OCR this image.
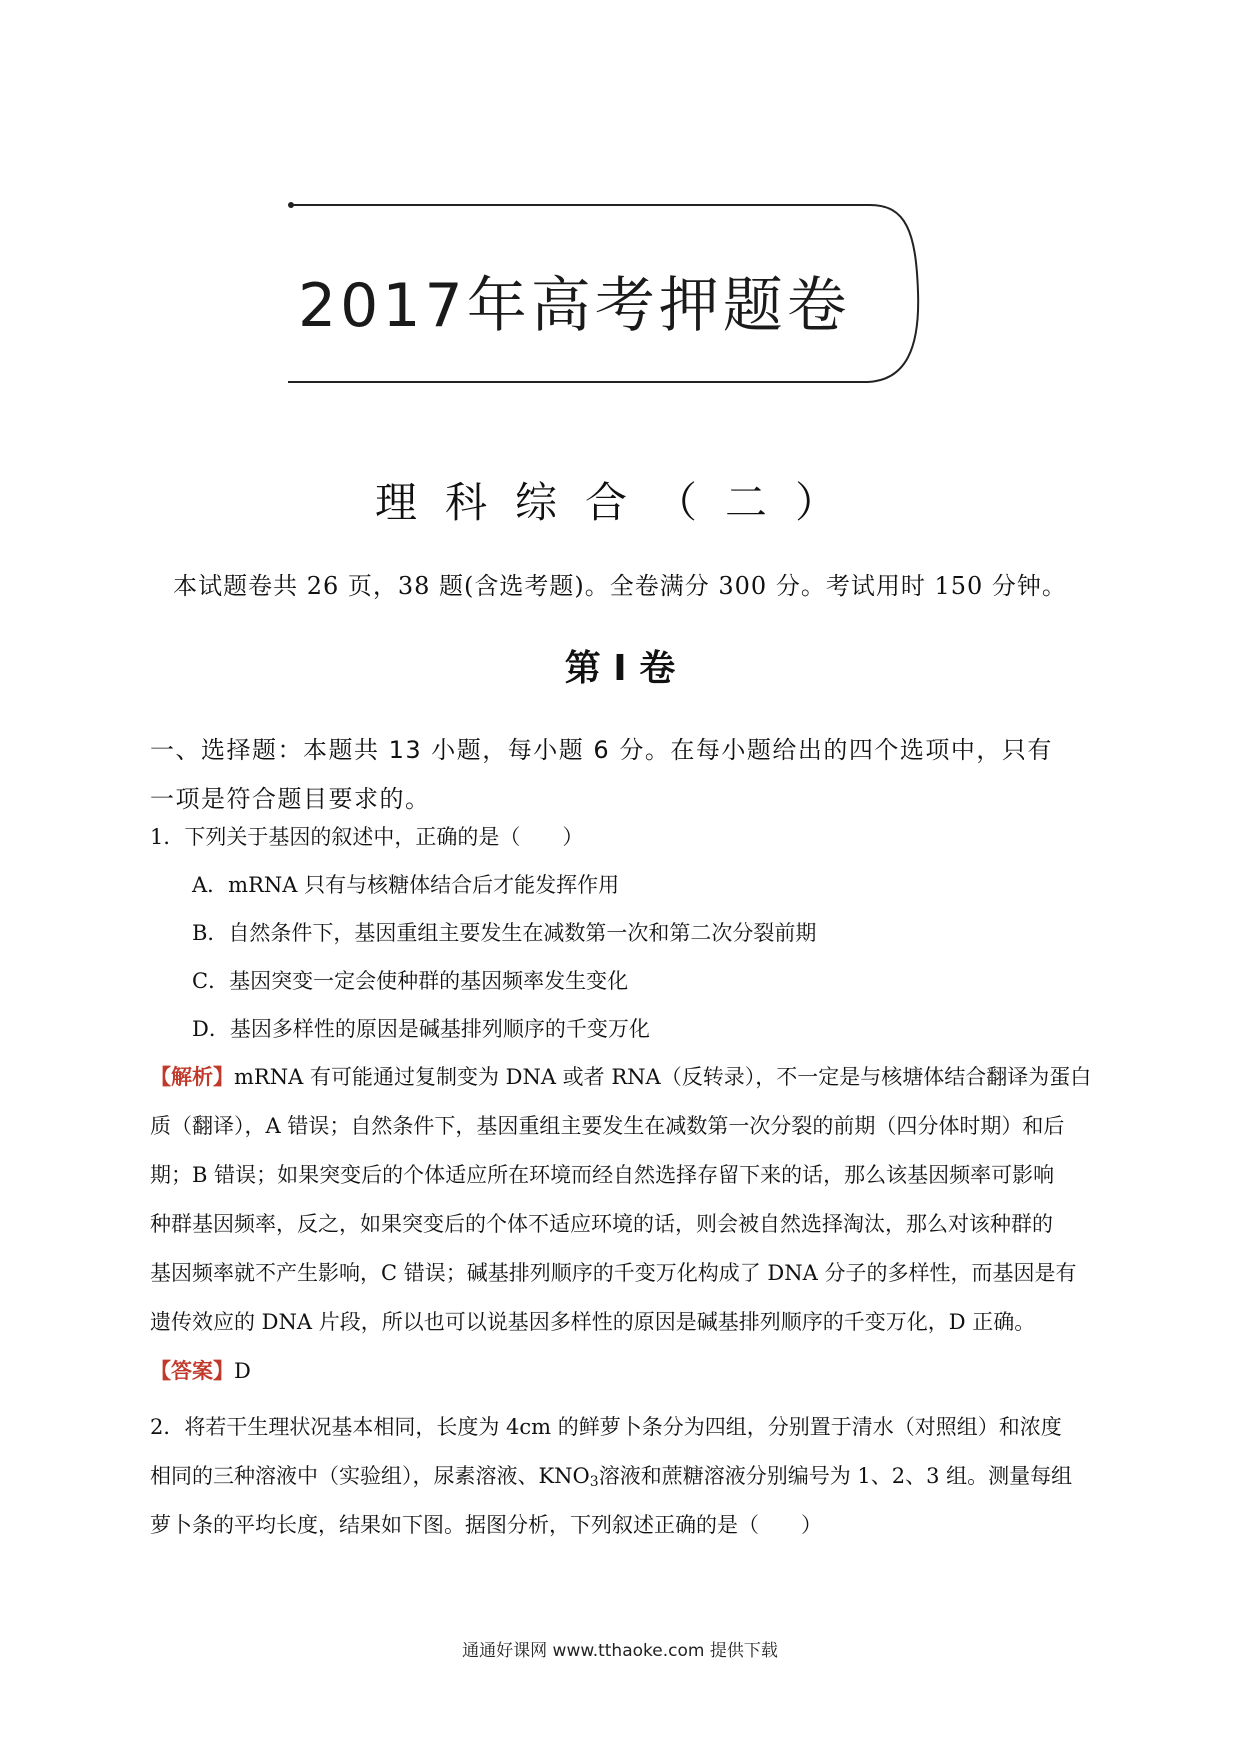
2017年高考押题卷
理科综合（二）
本试题卷共 26 页，38 题(含选考题)。全卷满分 300 分。考试用时 150 分钟。
第 I 卷
一、选择题：本题共 13 小题，每小题 6 分。在每小题给出的四个选项中，只有
一项是符合题目要求的。
1．下列关于基因的叙述中，正确的是（　　）
A．mRNA 只有与核糖体结合后才能发挥作用
B．自然条件下，基因重组主要发生在减数第一次和第二次分裂前期
C．基因突变一定会使种群的基因频率发生变化
D．基因多样性的原因是碱基排列顺序的千变万化
【解析】mRNA 有可能通过复制变为 DNA 或者 RNA（反转录），不一定是与核塘体结合翻译为蛋白
质（翻译），A 错误；自然条件下，基因重组主要发生在减数第一次分裂的前期（四分体时期）和后
期；B 错误；如果突变后的个体适应所在环境而经自然选择存留下来的话，那么该基因频率可影响
种群基因频率，反之，如果突变后的个体不适应环境的话，则会被自然选择淘汰，那么对该种群的
基因频率就不产生影响，C 错误；碱基排列顺序的千变万化构成了 DNA 分子的多样性，而基因是有
遗传效应的 DNA 片段，所以也可以说基因多样性的原因是碱基排列顺序的千变万化，D 正确。
【答案】D
2．将若干生理状况基本相同，长度为 4cm 的鲜萝卜条分为四组，分别置于清水（对照组）和浓度
相同的三种溶液中（实验组），尿素溶液、$KNO_3$溶液和蔗糖溶液分别编号为 1、2、3 组。测量每组
萝卜条的平均长度，结果如下图。据图分析，下列叙述正确的是（　　）
通通好课网 www.tthaoke.com 提供下载
